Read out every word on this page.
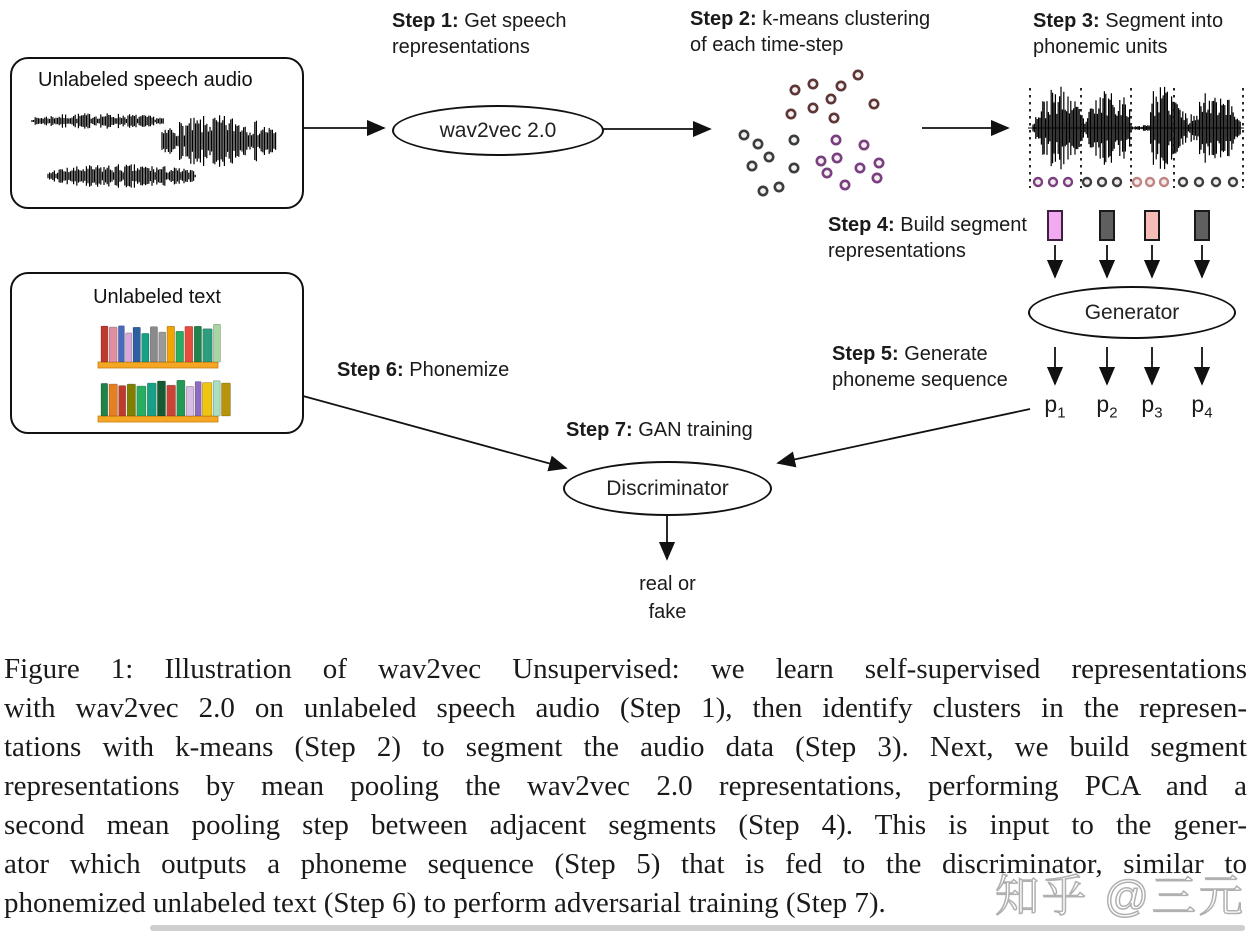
Unlabeled speech audio
Step 1: Get speech
representations
Step 2: k-means clustering
of each time-step
Step 3: Segment into
phonemic units
Step 4: Build segment
representations
Step 5: Generate
phoneme sequence
Step 6: Phonemize
Step 7: GAN training
wav2vec 2.0
Generator
Discriminator
$p_1$	$p_2$	$p_3$	$p_4$
Unlabeled text
real or
fake
Figure 1: Illustration of wav2vec Unsupervised: we learn self-supervised representations
with wav2vec 2.0 on unlabeled speech audio (Step 1), then identify clusters in the represen-
tations with k-means (Step 2) to segment the audio data (Step 3). Next, we build segment
representations by mean pooling the wav2vec 2.0 representations, performing PCA and a
second mean pooling step between adjacent segments (Step 4). This is input to the gener-
ator which outputs a phoneme sequence (Step 5) that is fed to the discriminator, similar to
phonemized unlabeled text (Step 6) to perform adversarial training (Step 7).	知乎 @三元
